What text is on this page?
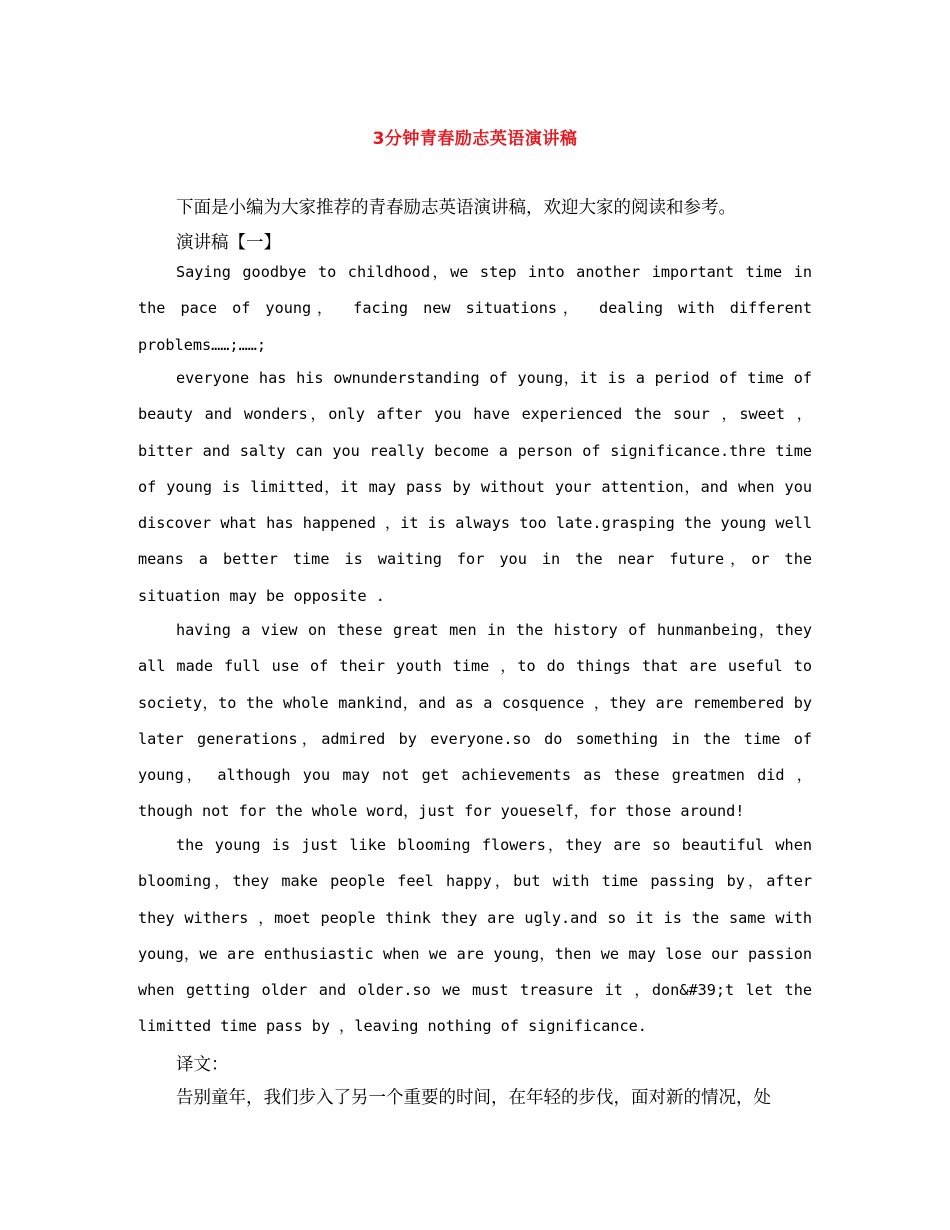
3分钟青春励志英语演讲稿
下面是小编为大家推荐的青春励志英语演讲稿，欢迎大家的阅读和参考。
演讲稿【一】

Saying goodbye to childhood，we step into another important time in the pace of young， facing new situations， dealing with different problems……;……;

everyone has his ownunderstanding of young，it is a period of time of beauty and wonders，only after you have experienced the sour ，sweet ，bitter and salty can you really become a person of significance.thre time of young is limitted，it may pass by without your attention，and when you discover what has happened ，it is always too late.grasping the young well means a better time is waiting for you in the near future，or the situation may be opposite .

having a view on these great men in the history of hunmanbeing，they all made full use of their youth time ，to do things that are useful to society，to the whole mankind，and as a cosquence ，they are remembered by later generations，admired by everyone.so do something in the time of young， although you may not get achievements as these greatmen did ，though not for the whole word，just for youeself，for those around!

the young is just like blooming flowers，they are so beautiful when blooming，they make people feel happy，but with time passing by，after they withers ，moet people think they are ugly.and so it is the same with young，we are enthusiastic when we are young，then we may lose our passion when getting older and older.so we must treasure it ，don&#39;t let the limitted time pass by ，leaving nothing of significance.

译文：
告别童年，我们步入了另一个重要的时间，在年轻的步伐，面对新的情况，处
